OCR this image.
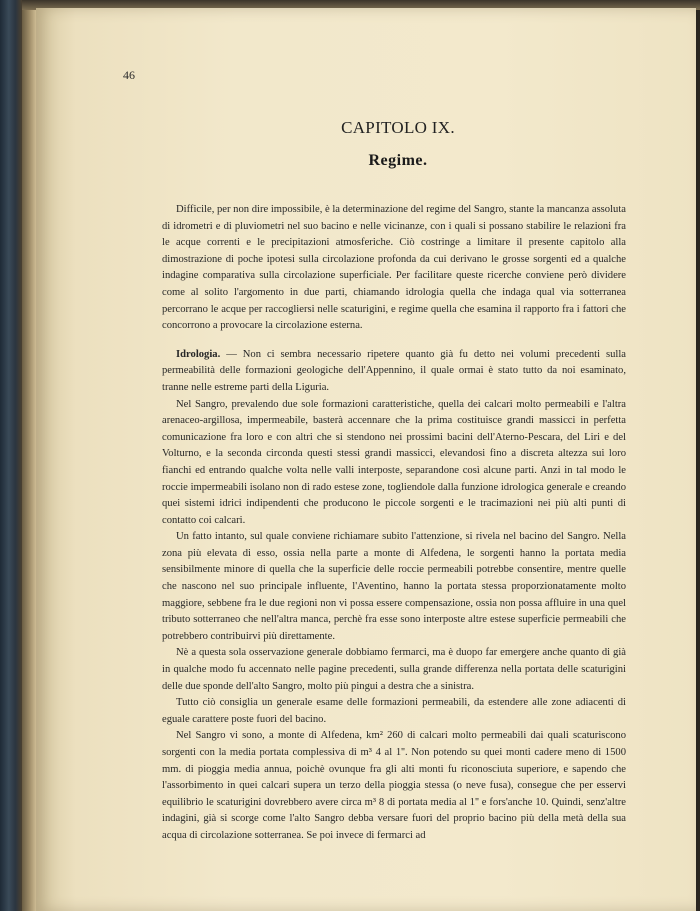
46
CAPITOLO IX.
Regime.

Difficile, per non dire impossibile, è la determinazione del regime del Sangro, stante la mancanza assoluta di idrometri e di pluviometri nel suo bacino e nelle vicinanze, con i quali si possano stabilire le relazioni fra le acque correnti e le precipitazioni atmosferiche. Ciò costringe a limitare il presente capitolo alla dimostrazione di poche ipotesi sulla circolazione profonda da cui derivano le grosse sorgenti ed a qualche indagine comparativa sulla circolazione superficiale. Per facilitare queste ricerche conviene però dividere come al solito l'argomento in due parti, chiamando idrologia quella che indaga qual via sotterranea percorrano le acque per raccogliersi nelle scaturigini, e regime quella che esamina il rapporto fra i fattori che concorrono a provocare la circolazione esterna.

Idrologia. — Non ci sembra necessario ripetere quanto già fu detto nei volumi precedenti sulla permeabilità delle formazioni geologiche dell'Appennino, il quale ormai è stato tutto da noi esaminato, tranne nelle estreme parti della Liguria.

Nel Sangro, prevalendo due sole formazioni caratteristiche, quella dei calcari molto permeabili e l'altra arenaceo-argillosa, impermeabile, basterà accennare che la prima costituisce grandi massicci in perfetta comunicazione fra loro e con altri che si stendono nei prossimi bacini dell'Aterno-Pescara, del Liri e del Volturno, e la seconda circonda questi stessi grandi massicci, elevandosi fino a discreta altezza sui loro fianchi ed entrando qualche volta nelle valli interposte, separandone così alcune parti. Anzi in tal modo le roccie impermeabili isolano non di rado estese zone, togliendole dalla funzione idrologica generale e creando quei sistemi idrici indipendenti che producono le piccole sorgenti e le tracimazioni nei più alti punti di contatto coi calcari.

Un fatto intanto, sul quale conviene richiamare subito l'attenzione, si rivela nel bacino del Sangro. Nella zona più elevata di esso, ossia nella parte a monte di Alfedena, le sorgenti hanno la portata media sensibilmente minore di quella che la superficie delle roccie permeabili potrebbe consentire, mentre quelle che nascono nel suo principale influente, l'Aventino, hanno la portata stessa proporzionatamente molto maggiore, sebbene fra le due regioni non vi possa essere compensazione, ossia non possa affluire in una quel tributo sotterraneo che nell'altra manca, perchè fra esse sono interposte altre estese superficie permeabili che potrebbero contribuirvi più direttamente.

Nè a questa sola osservazione generale dobbiamo fermarci, ma è duopo far emergere anche quanto di già in qualche modo fu accennato nelle pagine precedenti, sulla grande differenza nella portata delle scaturigini delle due sponde dell'alto Sangro, molto più pingui a destra che a sinistra.

Tutto ciò consiglia un generale esame delle formazioni permeabili, da estendere alle zone adiacenti di eguale carattere poste fuori del bacino.

Nel Sangro vi sono, a monte di Alfedena, km² 260 di calcari molto permeabili dai quali scaturiscono sorgenti con la media portata complessiva di m³ 4 al 1''. Non potendo su quei monti cadere meno di 1500 mm. di pioggia media annua, poichè ovunque fra gli alti monti fu riconosciuta superiore, e sapendo che l'assorbimento in quei calcari supera un terzo della pioggia stessa (o neve fusa), consegue che per esservi equilibrio le scaturigini dovrebbero avere circa m³ 8 di portata media al 1'' e fors'anche 10. Quindi, senz'altre indagini, già si scorge come l'alto Sangro debba versare fuori del proprio bacino più della metà della sua acqua di circolazione sotterranea. Se poi invece di fermarci ad
